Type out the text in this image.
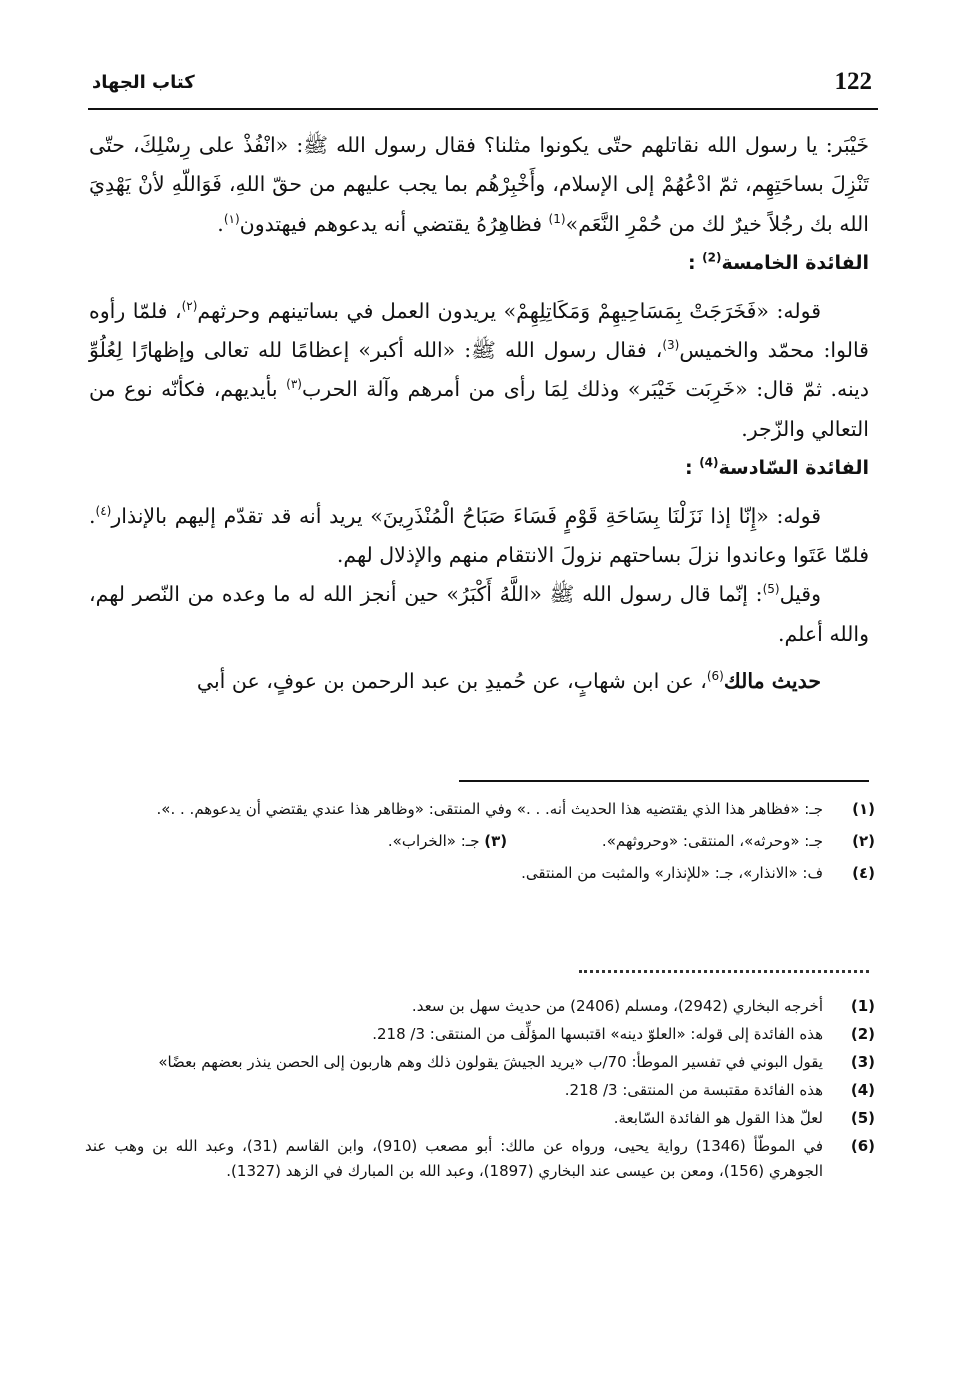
122
كتاب الجهاد

خَيْبَر: يا رسول الله نقاتلهم حتّى يكونوا مثلنا؟ فقال رسول الله ﷺ: «انْفُذْ على رِسْلِكَ، حتّى تَنْزِلَ بساحَتِهِم، ثمّ ادْعُهُمْ إلى الإسلام، وأَخْبِرْهُم بما يجب عليهم من حقّ اللهِ، فَوَاللّهِ لأنْ يَهْدِيَ الله بك رجُلاً خيرٌ لك من حُمْرِ النَّعَم»$^{(1)}$ فظاهِرُهُ يقتضي أنه يدعوهم فيهتدون$^{(١)}$.

الفائدة الخامسة$^{(2)}$ :

قوله: «فَخَرَجَتْ بِمَسَاحِيهِمْ وَمَكَاتِلِهِمْ» يريدون العمل في بساتينهم وحرثهم$^{(٢)}$، فلمّا رأوه قالوا: محمّد والخميس$^{(3)}$، فقال رسول الله ﷺ: «الله أكبر» إعظامًا لله تعالى وإظهارًا لِعُلُوِّ دينه. ثمّ قال: «خَرِبَت خَيْبَر» وذلك لِمَا رأى من أمرهم وآلة الحرب$^{(٣)}$ بأيديهم، فكأنّه نوع من التعالي والزّجر.

الفائدة السّادسة$^{(4)}$ :

قوله: «إِنّا إذا نَزَلْنَا بِسَاحَةِ قَوْمٍ فَسَاءَ صَبَاحُ الْمُنْذَرِينَ» يريد أنه قد تقدّم إليهم بالإنذار$^{(٤)}$. فلمّا عَتَوا وعاندوا نزلَ بساحتهم نزولَ الانتقام منهم والإذلال لهم.

وقيل$^{(5)}$: إنّما قال رسول الله ﷺ «اللَّهُ أَكْبَرُ» حين أنجز الله له ما وعده من النّصر لهم، والله أعلم.

حديث مالك$^{(6)}$، عن ابن شهابٍ، عن حُميدِ بن عبد الرحمن بن عوفٍ، عن أبي

(١)
جـ: «فظاهر هذا الذي يقتضيه هذا الحديث أنه. . .» وفي المنتقى: «وظاهر هذا عندي يقتضي أن يدعوهم. . .».
(٢)
جـ: «وحرثه»، المنتقى: «وحروثهم». (٣) جـ: «الخراب».
(٤)
ف: «الانذار»، جـ: «للإنذار» والمثبت من المنتقى.
(1)
أخرجه البخاري (2942)، ومسلم (2406) من حديث سهل بن سعد.
(2)
هذه الفائدة إلى قوله: «العلوّ دينه» اقتبسها المؤلِّف من المنتقى: 3/ 218.
(3)
يقول البوني في تفسير الموطأ: 70/ب «يريد الجيشَ يقولون ذلك وهم هاربون إلى الحصن ينذر بعضهم بعضًا»
(4)
هذه الفائدة مقتبسة من المنتقى: 3/ 218.
(5)
لعلّ هذا القول هو الفائدة السّابعة.
(6)
في الموطّأ (1346) رواية يحيى، ورواه عن مالك: أبو مصعب (910)، وابن القاسم (31)، وعبد الله بن وهب عند الجوهري (156)، ومعن بن عيسى عند البخاري (1897)، وعبد الله بن المبارك في الزهد (1327).
